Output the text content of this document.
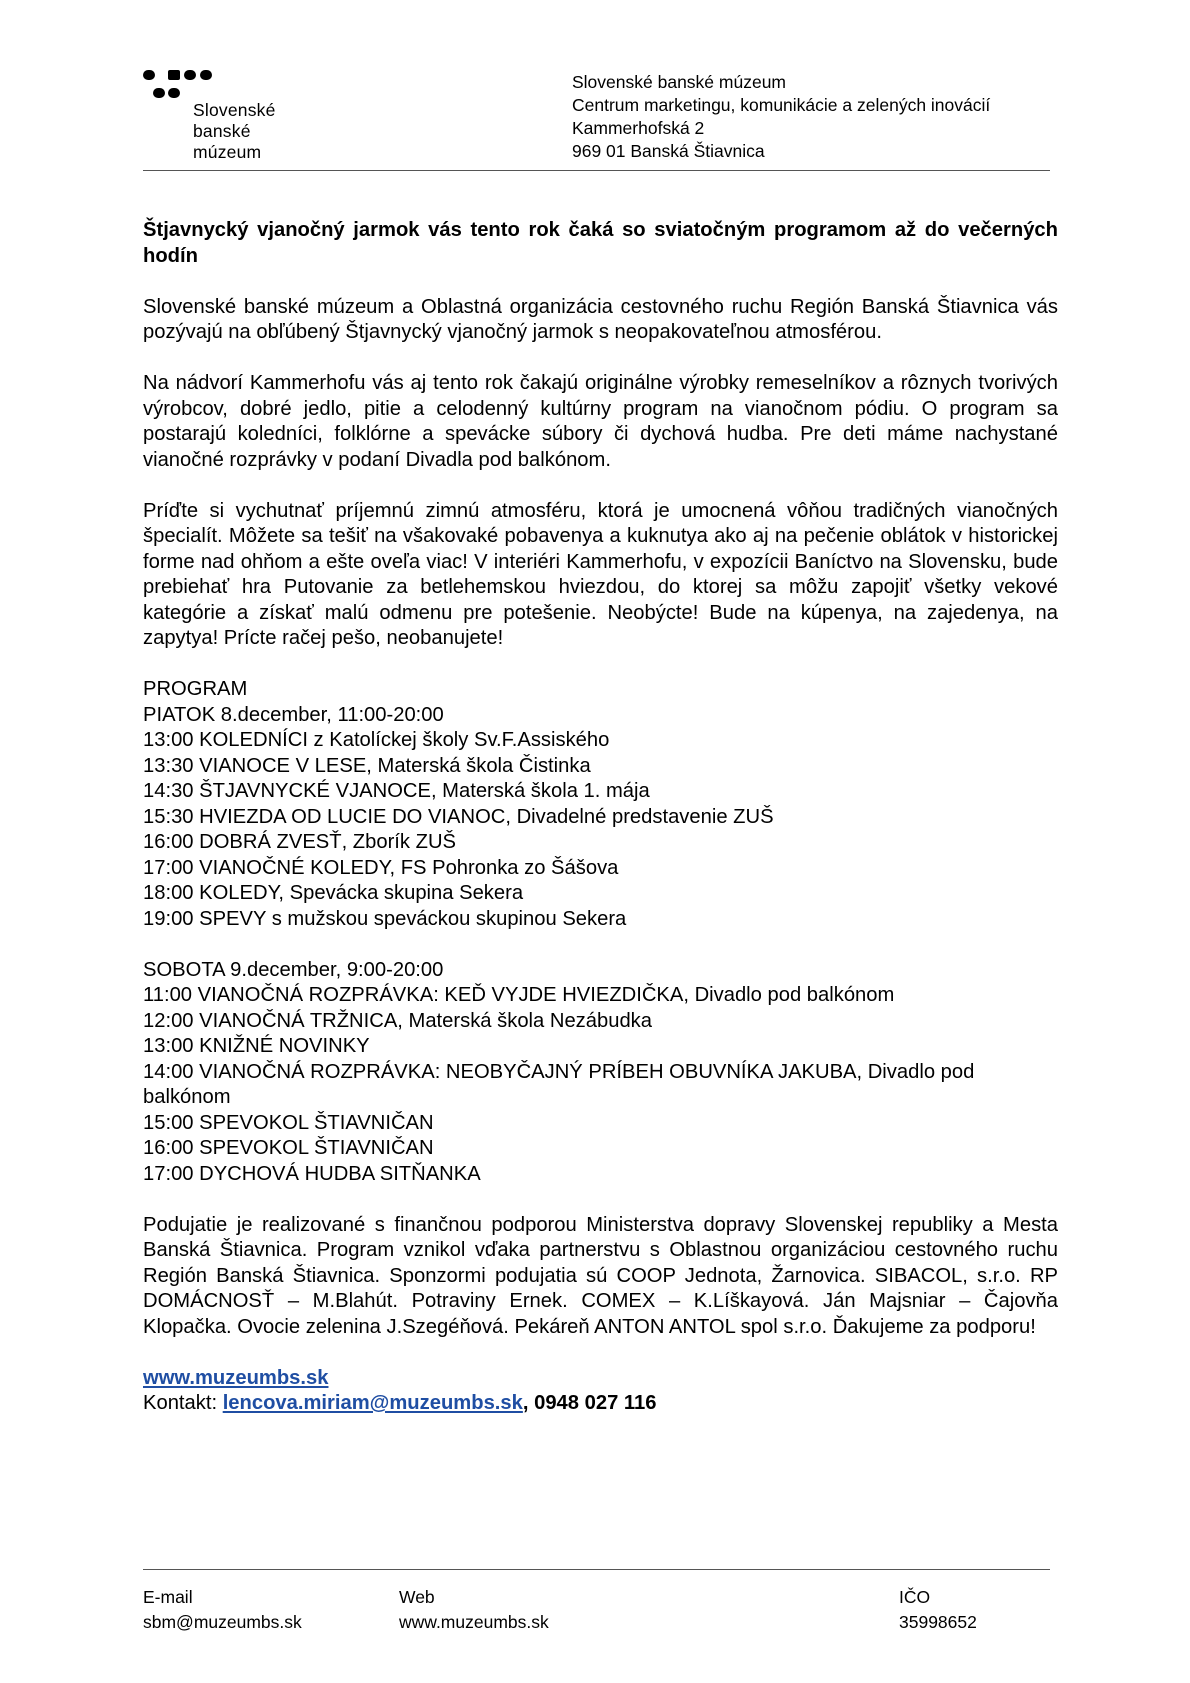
Slovenské
banské
múzeum
Slovenské banské múzeum
Centrum marketingu, komunikácie a zelených inovácií
Kammerhofská 2
969 01 Banská Štiavnica
Štjavnycký vjanočný jarmok vás tento rok čaká so sviatočným programom až do večerných hodín

Slovenské banské múzeum a Oblastná organizácia cestovného ruchu Región Banská Štiavnica vás pozývajú na obľúbený Štjavnycký vjanočný jarmok s neopakovateľnou atmosférou.

Na nádvorí Kammerhofu vás aj tento rok čakajú originálne výrobky remeselníkov a rôznych tvorivých výrobcov, dobré jedlo, pitie a celodenný kultúrny program na vianočnom pódiu. O program sa postarajú koledníci, folklórne a spevácke súbory či dychová hudba. Pre deti máme nachystané vianočné rozprávky v podaní Divadla pod balkónom.

Príďte si vychutnať príjemnú zimnú atmosféru, ktorá je umocnená vôňou tradičných vianočných špecialít. Môžete sa tešiť na všakovaké pobavenya a kuknutya ako aj na pečenie oblátok v historickej forme nad ohňom a ešte oveľa viac! V interiéri Kammerhofu, v expozícii Baníctvo na Slovensku, bude prebiehať hra Putovanie za betlehemskou hviezdou, do ktorej sa môžu zapojiť všetky vekové kategórie a získať malú odmenu pre potešenie. Neobýcte! Bude na kúpenya, na zajedenya, na zapytya! Prícte račej pešo, neobanujete!

PROGRAM
PIATOK 8.december, 11:00-20:00
13:00 KOLEDNÍCI z Katolíckej školy Sv.F.Assiského
13:30 VIANOCE V LESE, Materská škola Čistinka
14:30 ŠTJAVNYCKÉ VJANOCE, Materská škola 1. mája
15:30 HVIEZDA OD LUCIE DO VIANOC, Divadelné predstavenie ZUŠ
16:00 DOBRÁ ZVESŤ, Zborík ZUŠ
17:00 VIANOČNÉ KOLEDY, FS Pohronka zo Šášova
18:00 KOLEDY, Spevácka skupina Sekera
19:00 SPEVY s mužskou speváckou skupinou Sekera
SOBOTA 9.december, 9:00-20:00
11:00 VIANOČNÁ ROZPRÁVKA: KEĎ VYJDE HVIEZDIČKA, Divadlo pod balkónom
12:00 VIANOČNÁ TRŽNICA, Materská škola Nezábudka
13:00 KNIŽNÉ NOVINKY
14:00 VIANOČNÁ ROZPRÁVKA: NEOBYČAJNÝ PRÍBEH OBUVNÍKA JAKUBA, Divadlo pod balkónom
15:00 SPEVOKOL ŠTIAVNIČAN
16:00 SPEVOKOL ŠTIAVNIČAN
17:00 DYCHOVÁ HUDBA SITŇANKA

Podujatie je realizované s finančnou podporou Ministerstva dopravy Slovenskej republiky a Mesta Banská Štiavnica. Program vznikol vďaka partnerstvu s Oblastnou organizáciou cestovného ruchu Región Banská Štiavnica. Sponzormi podujatia sú COOP Jednota, Žarnovica. SIBACOL, s.r.o. RP DOMÁCNOSŤ – M.Blahút. Potraviny Ernek. COMEX – K.Líškayová. Ján Majsniar – Čajovňa Klopačka. Ovocie zelenina J.Szegéňová. Pekáreň ANTON ANTOL spol s.r.o. Ďakujeme za podporu!

www.muzeumbs.sk
Kontakt: lencova.miriam@muzeumbs.sk, 0948 027 116
E-mail
sbm@muzeumbs.sk
Web
www.muzeumbs.sk
IČO
35998652
